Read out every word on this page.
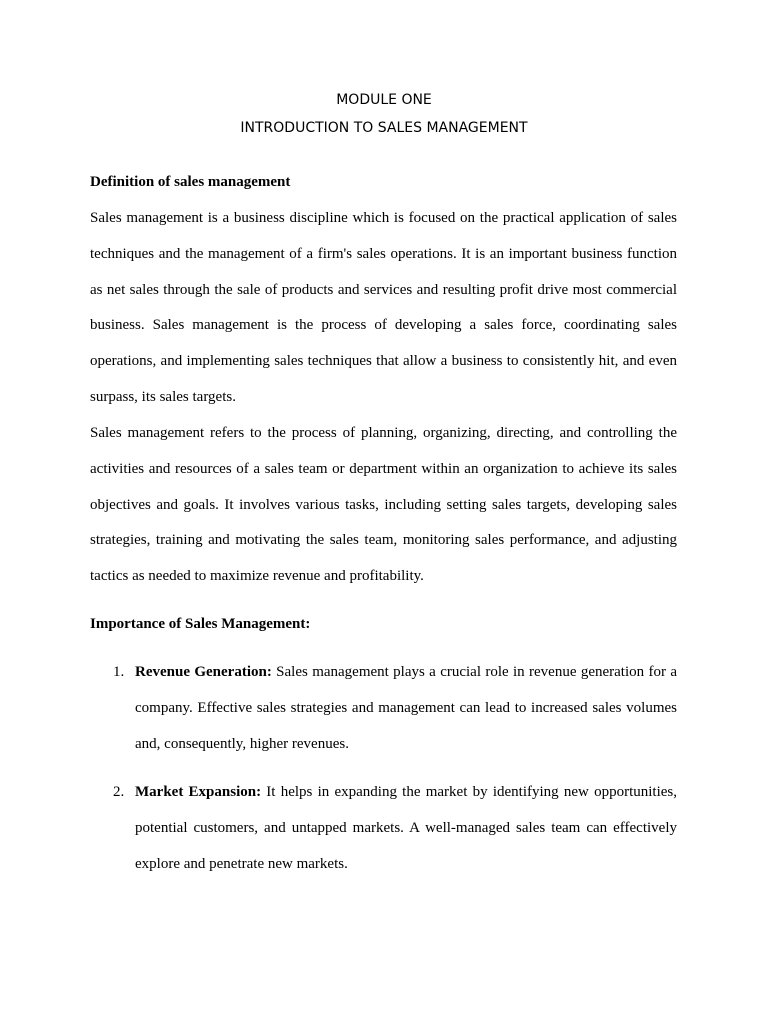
MODULE ONE

INTRODUCTION TO SALES MANAGEMENT

Definition of sales management

Sales management is a business discipline which is focused on the practical application of sales techniques and the management of a firm's sales operations. It is an important business function as net sales through the sale of products and services and resulting profit drive most commercial business. Sales management is the process of developing a sales force, coordinating sales operations, and implementing sales techniques that allow a business to consistently hit, and even surpass, its sales targets.

Sales management refers to the process of planning, organizing, directing, and controlling the activities and resources of a sales team or department within an organization to achieve its sales objectives and goals. It involves various tasks, including setting sales targets, developing sales strategies, training and motivating the sales team, monitoring sales performance, and adjusting tactics as needed to maximize revenue and profitability.

Importance of Sales Management:

1. Revenue Generation: Sales management plays a crucial role in revenue generation for a company. Effective sales strategies and management can lead to increased sales volumes and, consequently, higher revenues.

2. Market Expansion: It helps in expanding the market by identifying new opportunities, potential customers, and untapped markets. A well-managed sales team can effectively explore and penetrate new markets.
